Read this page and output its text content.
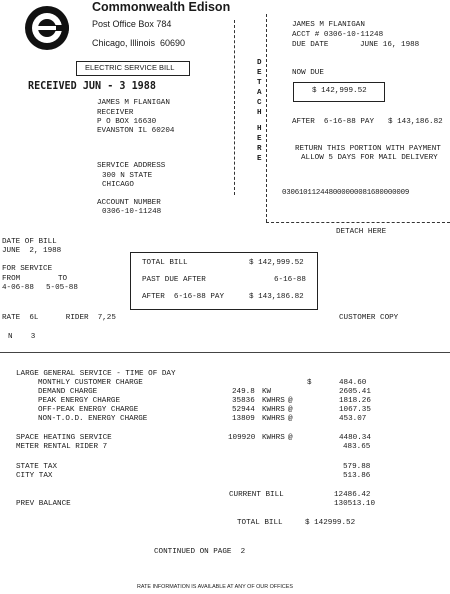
Commonwealth Edison
Post Office Box 784
Chicago, Illinois  60690
ELECTRIC SERVICE BILL
RECEIVED JUN - 3 1988
JAMES M FLANIGAN
RECEIVER
P O BOX 16630
EVANSTON IL 60204
SERVICE ADDRESS
300 N STATE
CHICAGO
ACCOUNT NUMBER
0306-10-11248
D
E
T
A
C
H
H
E
R
E
JAMES M FLANIGAN
ACCT # 0306-10-11248
DUE DATE	JUNE 16, 1988
NOW DUE
$ 142,999.52
AFTER  6-16-88 PAY $ 143,186.82
RETURN THIS PORTION WITH PAYMENT
ALLOW 5 DAYS FOR MAIL DELIVERY
030610112448000000081680000009
DETACH HERE
DATE OF BILL
JUNE  2, 1988
FOR SERVICE
FROM	TO
4-06-88 5-05-88
TOTAL BILL	$ 142,999.52
PAST DUE AFTER	6-16-88
AFTER  6-16-88 PAY	$ 143,186.82
RATE  6L      RIDER  7,25	CUSTOMER COPY
N    3
LARGE GENERAL SERVICE - TIME OF DAY
MONTHLY CUSTOMER CHARGE	$	484.60
DEMAND CHARGE	249.8 KW	2605.41
PEAK ENERGY CHARGE	35836 KWHRS @	1818.26
OFF-PEAK ENERGY CHARGE	52944 KWHRS @	1067.35
NON-T.O.D. ENERGY CHARGE	13809 KWHRS @	453.07
SPACE HEATING SERVICE	109920 KWHRS @	4480.34
METER RENTAL RIDER 7	483.65
STATE TAX	579.88
CITY TAX	513.86
CURRENT BILL	12486.42
PREV BALANCE	130513.10
TOTAL BILL	$ 142999.52
CONTINUED ON PAGE  2
RATE INFORMATION IS AVAILABLE AT ANY OF OUR OFFICES
